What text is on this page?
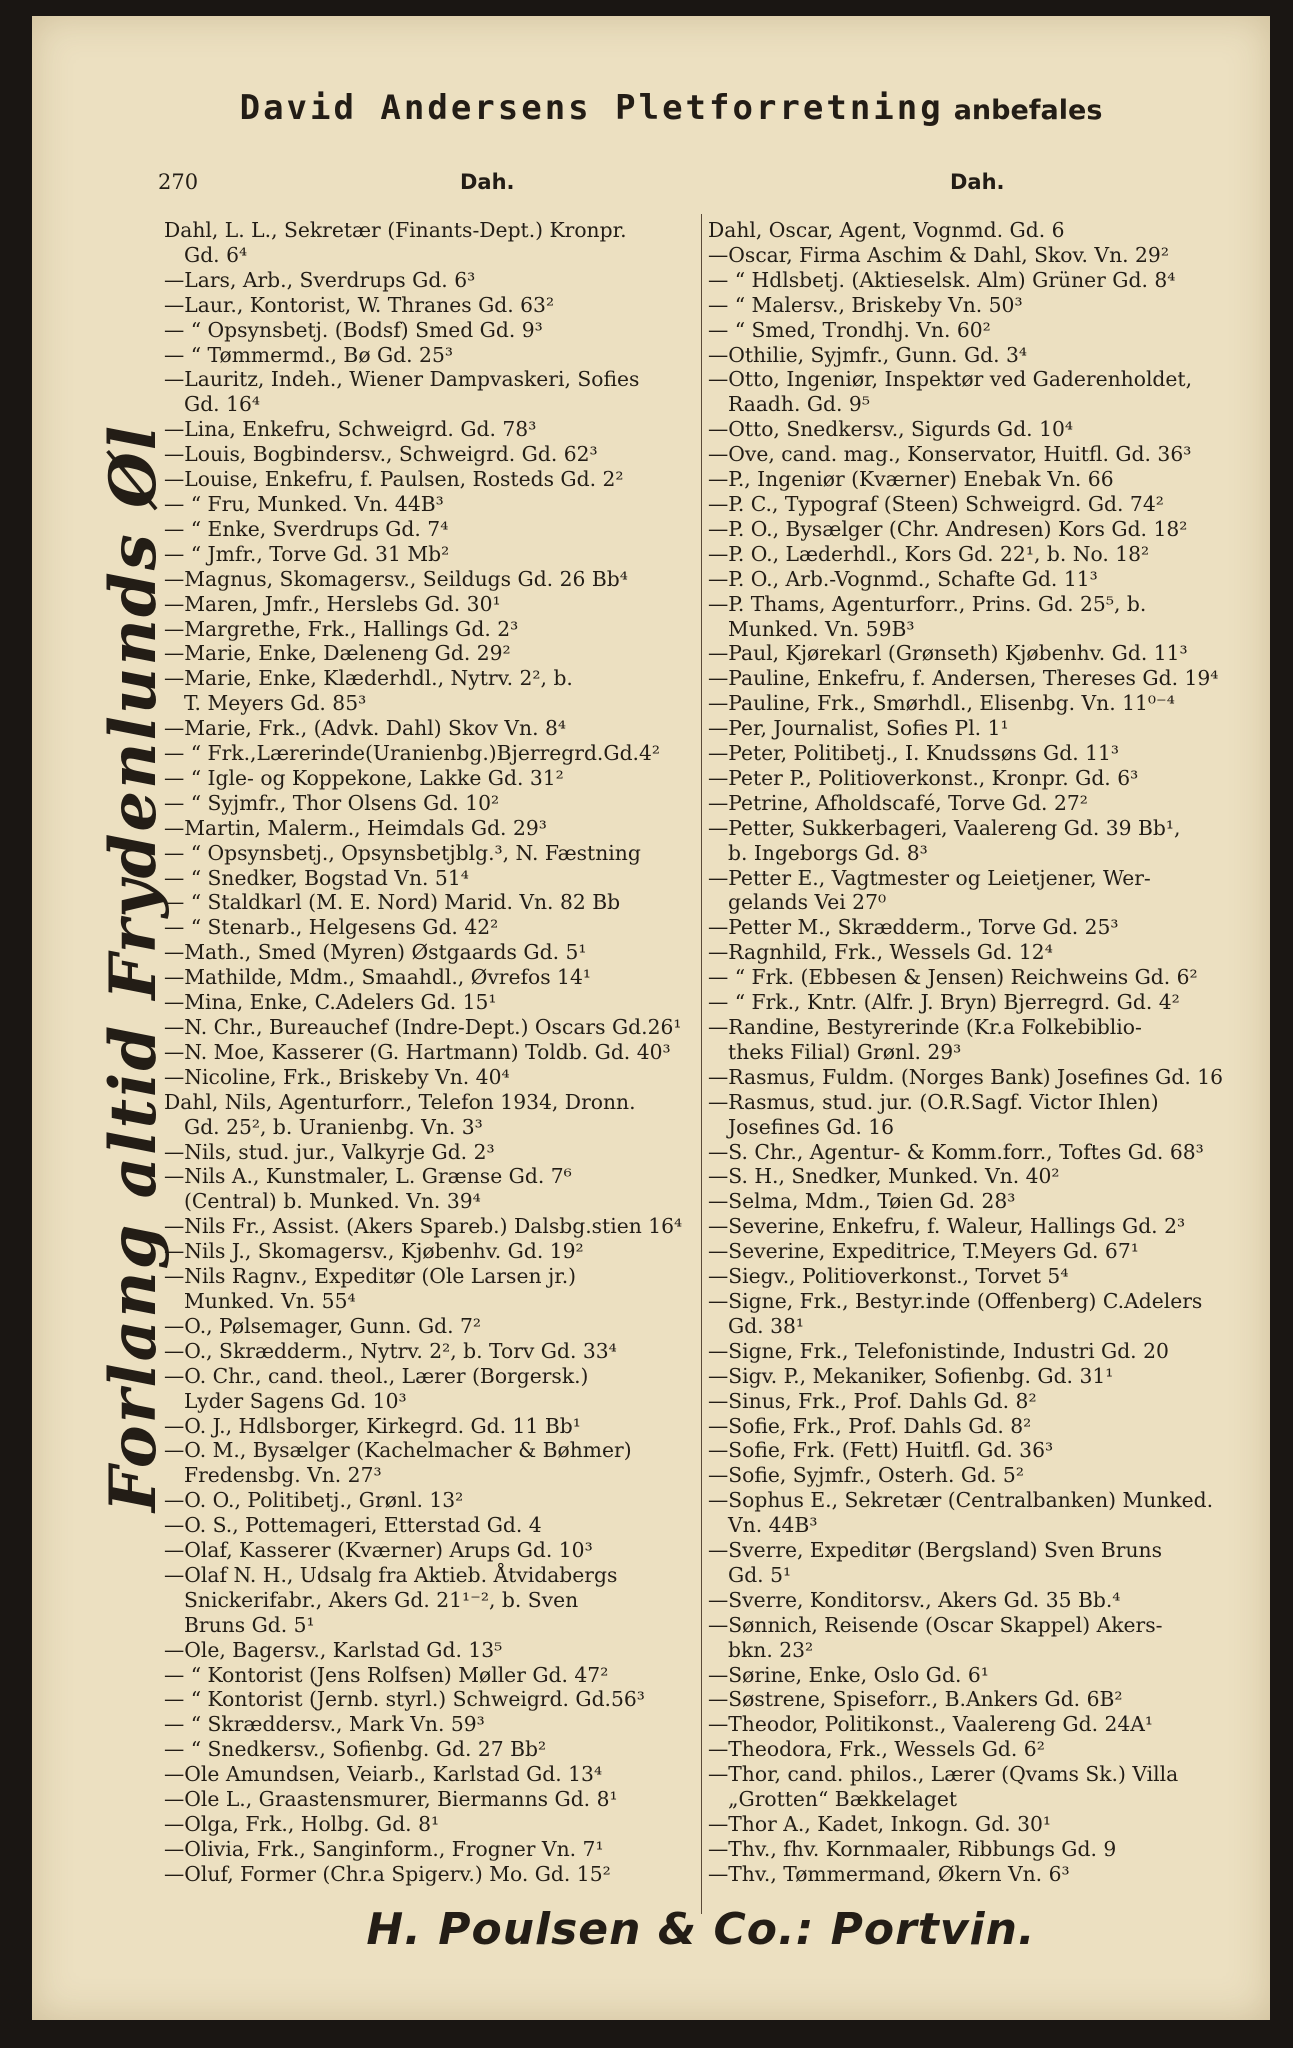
David Andersens Pletforretning anbefales
270	Dah.	Dah.
Forlang altid Frydenlunds Øl
Dahl, L. L., Sekretær (Finants-Dept.) Kronpr.
Gd. 6⁴
—Lars, Arb., Sverdrups Gd. 6³
—Laur., Kontorist, W. Thranes Gd. 63²
— “ Opsynsbetj. (Bodsf) Smed Gd. 9³
— “ Tømmermd., Bø Gd. 25³
—Lauritz, Indeh., Wiener Dampvaskeri, Sofies
Gd. 16⁴
—Lina, Enkefru, Schweigrd. Gd. 78³
—Louis, Bogbindersv., Schweigrd. Gd. 62³
—Louise, Enkefru, f. Paulsen, Rosteds Gd. 2²
— “ Fru, Munked. Vn. 44B³
— “ Enke, Sverdrups Gd. 7⁴
— “ Jmfr., Torve Gd. 31 Mb²
—Magnus, Skomagersv., Seildugs Gd. 26 Bb⁴
—Maren, Jmfr., Herslebs Gd. 30¹
—Margrethe, Frk., Hallings Gd. 2³
—Marie, Enke, Dæleneng Gd. 29²
—Marie, Enke, Klæderhdl., Nytrv. 2², b.
T. Meyers Gd. 85³
—Marie, Frk., (Advk. Dahl) Skov Vn. 8⁴
— “ Frk.,Lærerinde(Uranienbg.)Bjerregrd.Gd.4²
— “ Igle- og Koppekone, Lakke Gd. 31²
— “ Syjmfr., Thor Olsens Gd. 10²
—Martin, Malerm., Heimdals Gd. 29³
— “ Opsynsbetj., Opsynsbetjblg.³, N. Fæstning
— “ Snedker, Bogstad Vn. 51⁴
— “ Staldkarl (M. E. Nord) Marid. Vn. 82 Bb
— “ Stenarb., Helgesens Gd. 42²
—Math., Smed (Myren) Østgaards Gd. 5¹
—Mathilde, Mdm., Smaahdl., Øvrefos 14¹
—Mina, Enke, C.Adelers Gd. 15¹
—N. Chr., Bureauchef (Indre-Dept.) Oscars Gd.26¹
—N. Moe, Kasserer (G. Hartmann) Toldb. Gd. 40³
—Nicoline, Frk., Briskeby Vn. 40⁴
Dahl, Nils, Agenturforr., Telefon 1934, Dronn.
Gd. 25², b. Uranienbg. Vn. 3³
—Nils, stud. jur., Valkyrje Gd. 2³
—Nils A., Kunstmaler, L. Grænse Gd. 7⁶
(Central) b. Munked. Vn. 39⁴
—Nils Fr., Assist. (Akers Spareb.) Dalsbg.stien 16⁴
—Nils J., Skomagersv., Kjøbenhv. Gd. 19²
—Nils Ragnv., Expeditør (Ole Larsen jr.)
Munked. Vn. 55⁴
—O., Pølsemager, Gunn. Gd. 7²
—O., Skrædderm., Nytrv. 2², b. Torv Gd. 33⁴
—O. Chr., cand. theol., Lærer (Borgersk.)
Lyder Sagens Gd. 10³
—O. J., Hdlsborger, Kirkegrd. Gd. 11 Bb¹
—O. M., Bysælger (Kachelmacher & Bøhmer)
Fredensbg. Vn. 27³
—O. O., Politibetj., Grønl. 13²
—O. S., Pottemageri, Etterstad Gd. 4
—Olaf, Kasserer (Kværner) Arups Gd. 10³
—Olaf N. H., Udsalg fra Aktieb. Åtvidabergs
Snickerifabr., Akers Gd. 21¹⁻², b. Sven
Bruns Gd. 5¹
—Ole, Bagersv., Karlstad Gd. 13⁵
— “ Kontorist (Jens Rolfsen) Møller Gd. 47²
— “ Kontorist (Jernb. styrl.) Schweigrd. Gd.56³
— “ Skræddersv., Mark Vn. 59³
— “ Snedkersv., Sofienbg. Gd. 27 Bb²
—Ole Amundsen, Veiarb., Karlstad Gd. 13⁴
—Ole L., Graastensmurer, Biermanns Gd. 8¹
—Olga, Frk., Holbg. Gd. 8¹
—Olivia, Frk., Sanginform., Frogner Vn. 7¹
—Oluf, Former (Chr.a Spigerv.) Mo. Gd. 15²
Dahl, Oscar, Agent, Vognmd. Gd. 6
—Oscar, Firma Aschim & Dahl, Skov. Vn. 29²
— “ Hdlsbetj. (Aktieselsk. Alm) Grüner Gd. 8⁴
— “ Malersv., Briskeby Vn. 50³
— “ Smed, Trondhj. Vn. 60²
—Othilie, Syjmfr., Gunn. Gd. 3⁴
—Otto, Ingeniør, Inspektør ved Gaderenholdet,
Raadh. Gd. 9⁵
—Otto, Snedkersv., Sigurds Gd. 10⁴
—Ove, cand. mag., Konservator, Huitfl. Gd. 36³
—P., Ingeniør (Kværner) Enebak Vn. 66
—P. C., Typograf (Steen) Schweigrd. Gd. 74²
—P. O., Bysælger (Chr. Andresen) Kors Gd. 18²
—P. O., Læderhdl., Kors Gd. 22¹, b. No. 18²
—P. O., Arb.-Vognmd., Schafte Gd. 11³
—P. Thams, Agenturforr., Prins. Gd. 25⁵, b.
Munked. Vn. 59B³
—Paul, Kjørekarl (Grønseth) Kjøbenhv. Gd. 11³
—Pauline, Enkefru, f. Andersen, Thereses Gd. 19⁴
—Pauline, Frk., Smørhdl., Elisenbg. Vn. 11⁰⁻⁴
—Per, Journalist, Sofies Pl. 1¹
—Peter, Politibetj., I. Knudssøns Gd. 11³
—Peter P., Politioverkonst., Kronpr. Gd. 6³
—Petrine, Afholdscafé, Torve Gd. 27²
—Petter, Sukkerbageri, Vaalereng Gd. 39 Bb¹,
b. Ingeborgs Gd. 8³
—Petter E., Vagtmester og Leietjener, Wer-
gelands Vei 27⁰
—Petter M., Skrædderm., Torve Gd. 25³
—Ragnhild, Frk., Wessels Gd. 12⁴
— “ Frk. (Ebbesen & Jensen) Reichweins Gd. 6²
— “ Frk., Kntr. (Alfr. J. Bryn) Bjerregrd. Gd. 4²
—Randine, Bestyrerinde (Kr.a Folkebiblio-
theks Filial) Grønl. 29³
—Rasmus, Fuldm. (Norges Bank) Josefines Gd. 16
—Rasmus, stud. jur. (O.R.Sagf. Victor Ihlen)
Josefines Gd. 16
—S. Chr., Agentur- & Komm.forr., Toftes Gd. 68³
—S. H., Snedker, Munked. Vn. 40²
—Selma, Mdm., Tøien Gd. 28³
—Severine, Enkefru, f. Waleur, Hallings Gd. 2³
—Severine, Expeditrice, T.Meyers Gd. 67¹
—Siegv., Politioverkonst., Torvet 5⁴
—Signe, Frk., Bestyr.inde (Offenberg) C.Adelers
Gd. 38¹
—Signe, Frk., Telefonistinde, Industri Gd. 20
—Sigv. P., Mekaniker, Sofienbg. Gd. 31¹
—Sinus, Frk., Prof. Dahls Gd. 8²
—Sofie, Frk., Prof. Dahls Gd. 8²
—Sofie, Frk. (Fett) Huitfl. Gd. 36³
—Sofie, Syjmfr., Osterh. Gd. 5²
—Sophus E., Sekretær (Centralbanken) Munked.
Vn. 44B³
—Sverre, Expeditør (Bergsland) Sven Bruns
Gd. 5¹
—Sverre, Konditorsv., Akers Gd. 35 Bb.⁴
—Sønnich, Reisende (Oscar Skappel) Akers-
bkn. 23²
—Sørine, Enke, Oslo Gd. 6¹
—Søstrene, Spiseforr., B.Ankers Gd. 6B²
—Theodor, Politikonst., Vaalereng Gd. 24A¹
—Theodora, Frk., Wessels Gd. 6²
—Thor, cand. philos., Lærer (Qvams Sk.) Villa
„Grotten“ Bækkelaget
—Thor A., Kadet, Inkogn. Gd. 30¹
—Thv., fhv. Kornmaaler, Ribbungs Gd. 9
—Thv., Tømmermand, Økern Vn. 6³
H. Poulsen & Co.: Portvin.
